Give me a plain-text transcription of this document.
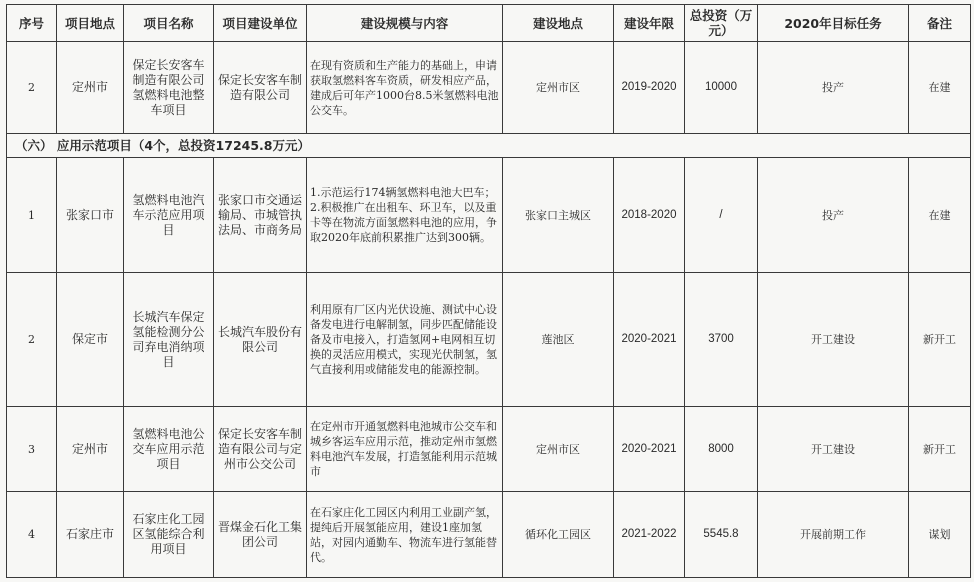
序号	项目地点	项目名称	项目建设单位	建设规模与内容	建设地点	建设年限	总投资（万元）	2020年目标任务	备注
2	定州市	保定长安客车制造有限公司氢燃料电池整车项目	保定长安客车制造有限公司	在现有资质和生产能力的基础上，申请获取氢燃料客车资质，研发相应产品，建成后可年产1000台8.5米氢燃料电池公交车。	定州市区	2019-2020	10000	投产	在建
（六） 应用示范项目（4个，总投资17245.8万元）									
1	张家口市	氢燃料电池汽车示范应用项目	张家口市交通运输局、市城管执法局、市商务局	1.示范运行174辆氢燃料电池大巴车；2.积极推广在出租车、环卫车，以及重卡等在物流方面氢燃料电池的应用，争取2020年底前积累推广达到300辆。	张家口主城区	2018-2020	/	投产	在建
2	保定市	长城汽车保定氢能检测分公司弃电消纳项目	长城汽车股份有限公司	利用原有厂区内光伏设施、测试中心设备发电进行电解制氢，同步匹配储能设备及市电接入，打造氢网+电网相互切换的灵活应用模式，实现光伏制氢，氢气直接利用或储能发电的能源控制。	莲池区	2020-2021	3700	开工建设	新开工
3	定州市	氢燃料电池公交车应用示范项目	保定长安客车制造有限公司与定州市公交公司	在定州市开通氢燃料电池城市公交车和城乡客运车应用示范，推动定州市氢燃料电池汽车发展，打造氢能利用示范城市	定州市区	2020-2021	8000	开工建设	新开工
4	石家庄市	石家庄化工园区氢能综合利用项目	晋煤金石化工集团公司	在石家庄化工园区内利用工业副产氢，提纯后开展氢能应用，建设1座加氢站，对园内通勤车、物流车进行氢能替代。	循环化工园区	2021-2022	5545.8	开展前期工作	谋划
